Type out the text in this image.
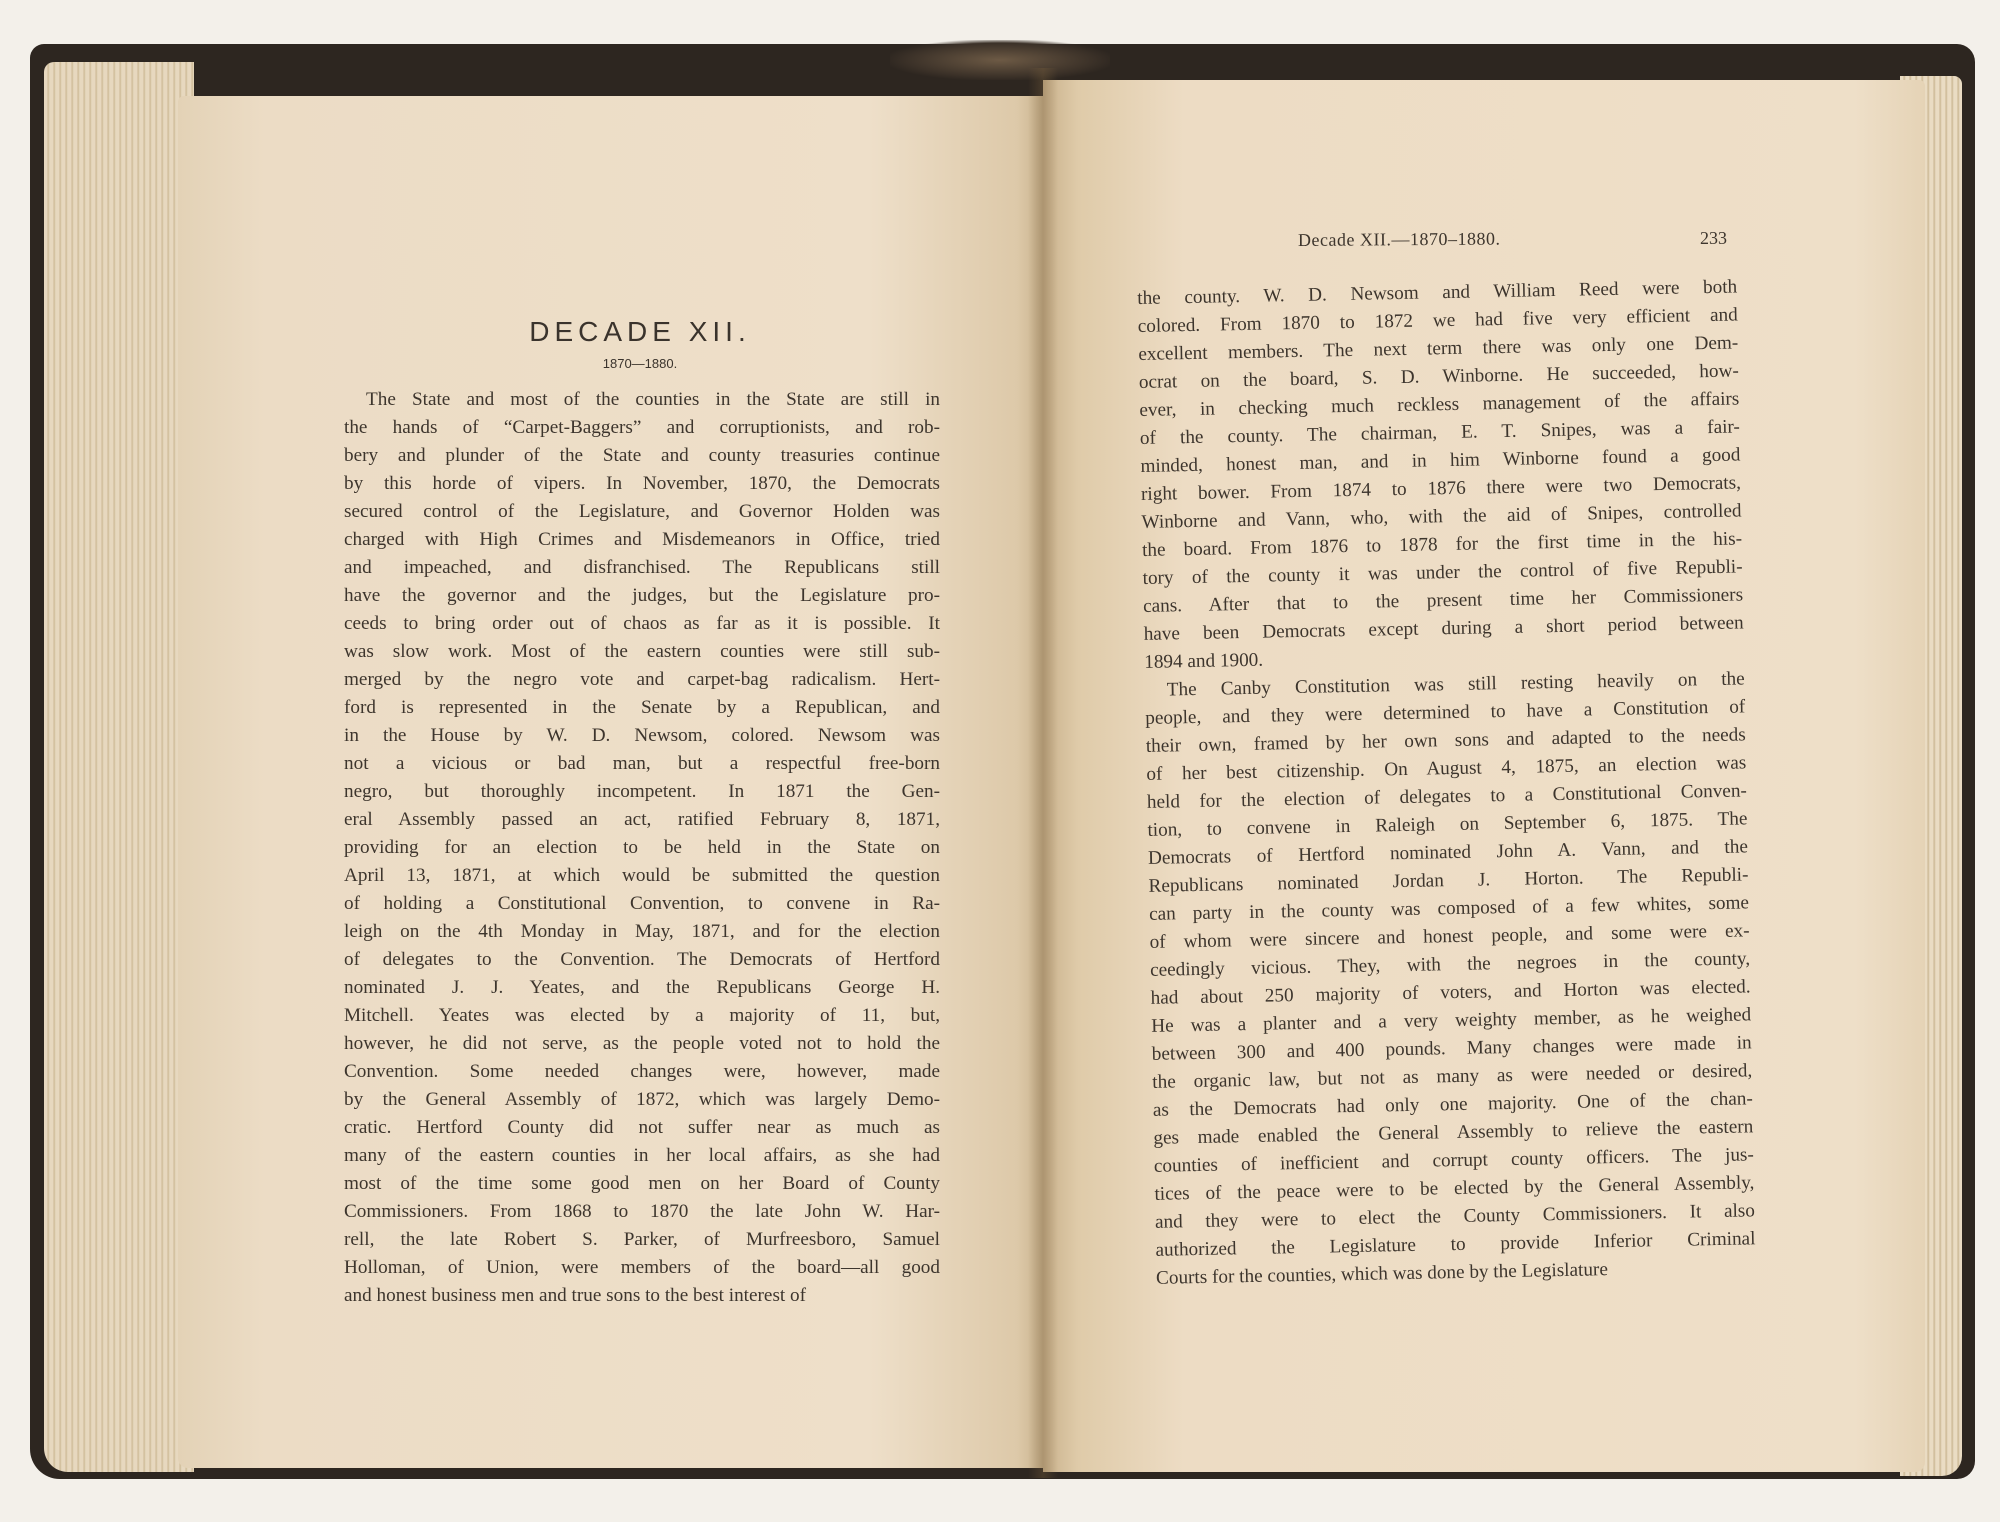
DECADE XII.
1870—1880.
The State and most of the counties in the State are still in
the hands of “Carpet-Baggers” and corruptionists, and rob-
bery and plunder of the State and county treasuries continue
by this horde of vipers. In November, 1870, the Democrats
secured control of the Legislature, and Governor Holden was
charged with High Crimes and Misdemeanors in Office, tried
and impeached, and disfranchised. The Republicans still
have the governor and the judges, but the Legislature pro-
ceeds to bring order out of chaos as far as it is possible. It
was slow work. Most of the eastern counties were still sub-
merged by the negro vote and carpet-bag radicalism. Hert-
ford is represented in the Senate by a Republican, and
in the House by W. D. Newsom, colored. Newsom was
not a vicious or bad man, but a respectful free-born
negro, but thoroughly incompetent. In 1871 the Gen-
eral Assembly passed an act, ratified February 8, 1871,
providing for an election to be held in the State on
April 13, 1871, at which would be submitted the question
of holding a Constitutional Convention, to convene in Ra-
leigh on the 4th Monday in May, 1871, and for the election
of delegates to the Convention. The Democrats of Hertford
nominated J. J. Yeates, and the Republicans George H.
Mitchell. Yeates was elected by a majority of 11, but,
however, he did not serve, as the people voted not to hold the
Convention. Some needed changes were, however, made
by the General Assembly of 1872, which was largely Demo-
cratic. Hertford County did not suffer near as much as
many of the eastern counties in her local affairs, as she had
most of the time some good men on her Board of County
Commissioners. From 1868 to 1870 the late John W. Har-
rell, the late Robert S. Parker, of Murfreesboro, Samuel
Holloman, of Union, were members of the board—all good
and honest business men and true sons to the best interest of
Decade XII.—1870–1880.	233
the county. W. D. Newsom and William Reed were both
colored. From 1870 to 1872 we had five very efficient and
excellent members. The next term there was only one Dem-
ocrat on the board, S. D. Winborne. He succeeded, how-
ever, in checking much reckless management of the affairs
of the county. The chairman, E. T. Snipes, was a fair-
minded, honest man, and in him Winborne found a good
right bower. From 1874 to 1876 there were two Democrats,
Winborne and Vann, who, with the aid of Snipes, controlled
the board. From 1876 to 1878 for the first time in the his-
tory of the county it was under the control of five Republi-
cans. After that to the present time her Commissioners
have been Democrats except during a short period between
1894 and 1900.
The Canby Constitution was still resting heavily on the
people, and they were determined to have a Constitution of
their own, framed by her own sons and adapted to the needs
of her best citizenship. On August 4, 1875, an election was
held for the election of delegates to a Constitutional Conven-
tion, to convene in Raleigh on September 6, 1875. The
Democrats of Hertford nominated John A. Vann, and the
Republicans nominated Jordan J. Horton. The Republi-
can party in the county was composed of a few whites, some
of whom were sincere and honest people, and some were ex-
ceedingly vicious. They, with the negroes in the county,
had about 250 majority of voters, and Horton was elected.
He was a planter and a very weighty member, as he weighed
between 300 and 400 pounds. Many changes were made in
the organic law, but not as many as were needed or desired,
as the Democrats had only one majority. One of the chan-
ges made enabled the General Assembly to relieve the eastern
counties of inefficient and corrupt county officers. The jus-
tices of the peace were to be elected by the General Assembly,
and they were to elect the County Commissioners. It also
authorized the Legislature to provide Inferior Criminal
Courts for the counties, which was done by the Legislature
